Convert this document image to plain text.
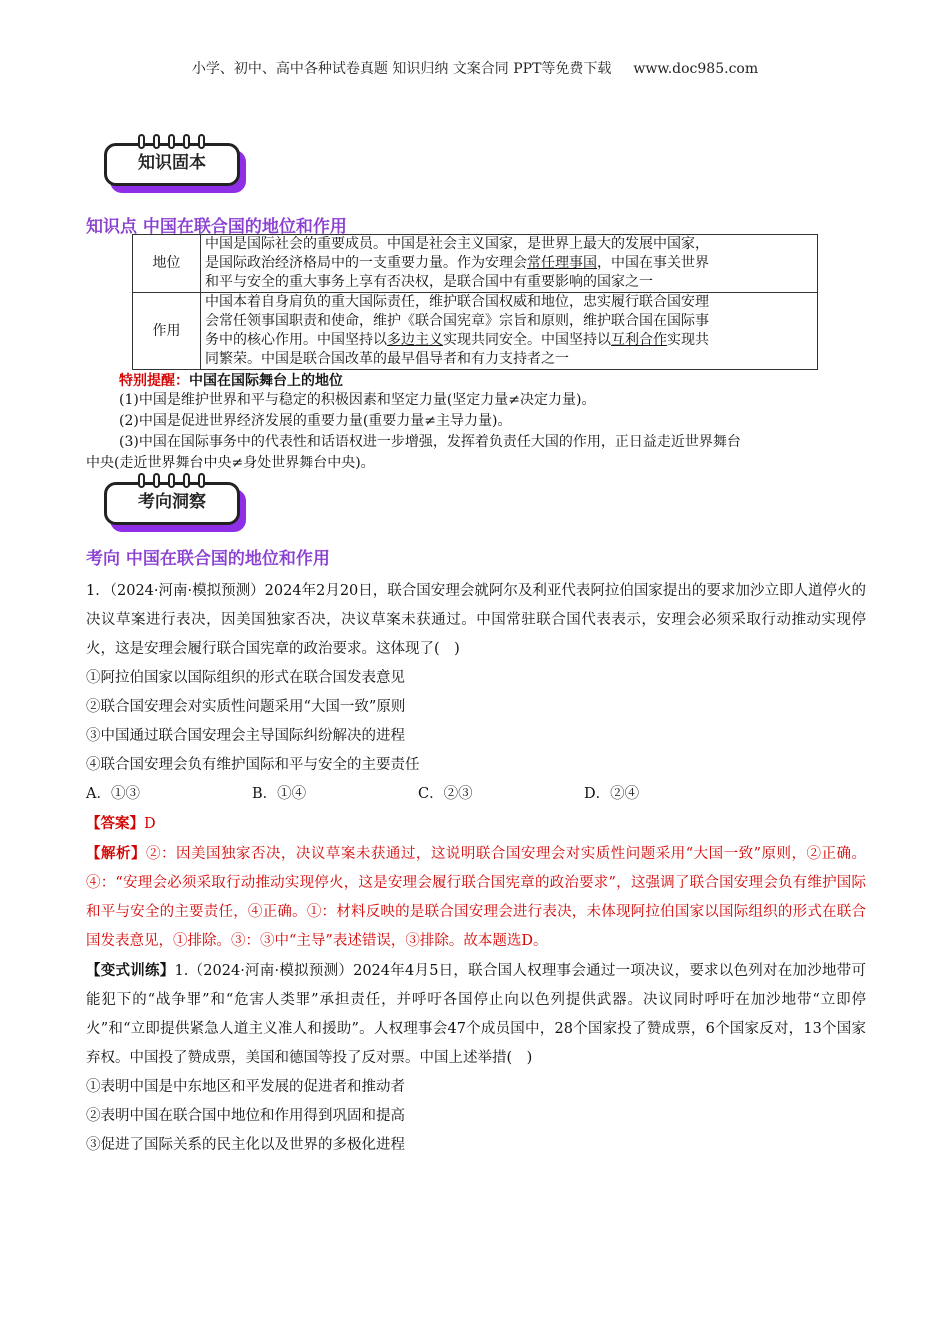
小学、初中、高中各种试卷真题 知识归纳 文案合同 PPT等免费下载 www.doc985.com
知识固本
知识点 中国在联合国的地位和作用
地位	中国是国际社会的重要成员。中国是社会主义国家，是世界上最大的发展中国家，
是国际政治经济格局中的一支重要力量。作为安理会常任理事国，中国在事关世界
和平与安全的重大事务上享有否决权，是联合国中有重要影响的国家之一

作用	中国本着自身肩负的重大国际责任，维护联合国权威和地位，忠实履行联合国安理
会常任领事国职责和使命，维护《联合国宪章》宗旨和原则，维护联合国在国际事
务中的核心作用。中国坚持以多边主义实现共同安全。中国坚持以互利合作实现共
同繁荣。中国是联合国改革的最早倡导者和有力支持者之一
特别提醒：中国在国际舞台上的地位
(1)中国是维护世界和平与稳定的积极因素和坚定力量(坚定力量≠决定力量)。
(2)中国是促进世界经济发展的重要力量(重要力量≠主导力量)。
(3)中国在国际事务中的代表性和话语权进一步增强，发挥着负责任大国的作用，正日益走近世界舞台
中央(走近世界舞台中央≠身处世界舞台中央)。
考向洞察
考向 中国在联合国的地位和作用

1．（2024·河南·模拟预测）2024年2月20日，联合国安理会就阿尔及利亚代表阿拉伯国家提出的要求加沙立即人道停火的决议草案进行表决，因美国独家否决，决议草案未获通过。中国常驻联合国代表表示，安理会必须采取行动推动实现停火，这是安理会履行联合国宪章的政治要求。这体现了(　)

①阿拉伯国家以国际组织的形式在联合国发表意见

②联合国安理会对实质性问题采用“大国一致”原则

③中国通过联合国安理会主导国际纠纷解决的进程

④联合国安理会负有维护国际和平与安全的主要责任

A．①③	B．①④	C．②③	D．②④

【答案】D

【解析】②：因美国独家否决，决议草案未获通过，这说明联合国安理会对实质性问题采用“大国一致”原则，②正确。④：“安理会必须采取行动推动实现停火，这是安理会履行联合国宪章的政治要求”，这强调了联合国安理会负有维护国际和平与安全的主要责任，④正确。①：材料反映的是联合国安理会进行表决，未体现阿拉伯国家以国际组织的形式在联合国发表意见，①排除。③：③中“主导”表述错误，③排除。故本题选D。

【变式训练】1.（2024·河南·模拟预测）2024年4月5日，联合国人权理事会通过一项决议，要求以色列对在加沙地带可能犯下的“战争罪”和“危害人类罪”承担责任，并呼吁各国停止向以色列提供武器。决议同时呼吁在加沙地带“立即停火”和“立即提供紧急人道主义准人和援助”。人权理事会47个成员国中，28个国家投了赞成票，6个国家反对，13个国家弃权。中国投了赞成票，美国和德国等投了反对票。中国上述举措(　)

①表明中国是中东地区和平发展的促进者和推动者

②表明中国在联合国中地位和作用得到巩固和提高

③促进了国际关系的民主化以及世界的多极化进程
